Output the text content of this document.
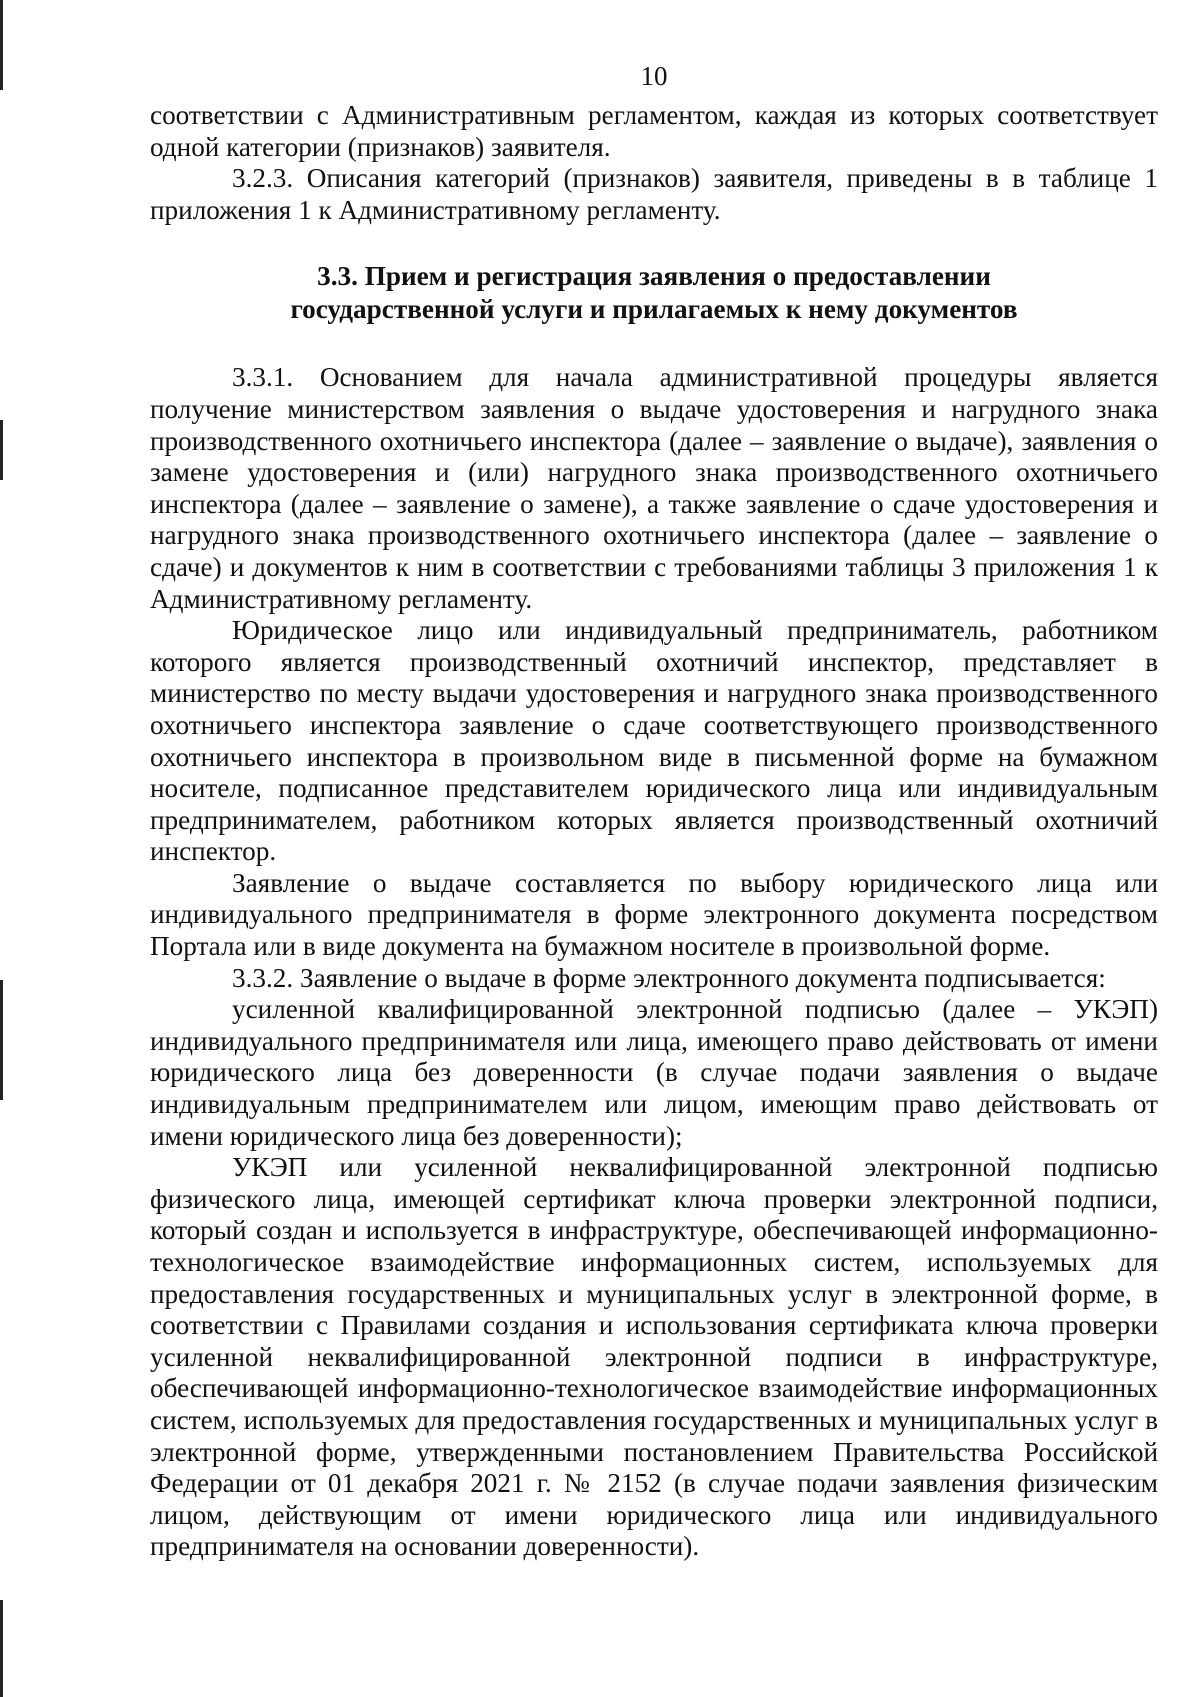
10

соответствии с Административным регламентом, каждая из которых соответствует одной категории (признаков) заявителя.

3.2.3. Описания категорий (признаков) заявителя, приведены в в таблице 1 приложения 1 к Административному регламенту.

3.3. Прием и регистрация заявления о предоставлении
государственной услуги и прилагаемых к нему документов

3.3.1. Основанием для начала административной процедуры является получение министерством заявления о выдаче удостоверения и нагрудного знака производственного охотничьего инспектора (далее – заявление о выдаче), заявления о замене удостоверения и (или) нагрудного знака производственного охотничьего инспектора (далее – заявление о замене), а также заявление о сдаче удостоверения и нагрудного знака производственного охотничьего инспектора (далее – заявление о сдаче) и документов к ним в соответствии с требованиями таблицы 3 приложения 1 к Административному регламенту.

Юридическое лицо или индивидуальный предприниматель, работником которого является производственный охотничий инспектор, представляет в министерство по месту выдачи удостоверения и нагрудного знака производственного охотничьего инспектора заявление о сдаче соответствующего производственного охотничьего инспектора в произвольном виде в письменной форме на бумажном носителе, подписанное представителем юридического лица или индивидуальным предпринимателем, работником которых является производственный охотничий инспектор.

Заявление о выдаче составляется по выбору юридического лица или индивидуального предпринимателя в форме электронного документа посредством Портала или в виде документа на бумажном носителе в произвольной форме.

3.3.2. Заявление о выдаче в форме электронного документа подписывается:

усиленной квалифицированной электронной подписью (далее – УКЭП) индивидуального предпринимателя или лица, имеющего право действовать от имени юридического лица без доверенности (в случае подачи заявления о выдаче индивидуальным предпринимателем или лицом, имеющим право действовать от имени юридического лица без доверенности);

УКЭП или усиленной неквалифицированной электронной подписью физического лица, имеющей сертификат ключа проверки электронной подписи, который создан и используется в инфраструктуре, обеспечивающей информационно-технологическое взаимодействие информационных систем, используемых для предоставления государственных и муниципальных услуг в электронной форме, в соответствии с Правилами создания и использования сертификата ключа проверки усиленной неквалифицированной электронной подписи в инфраструктуре, обеспечивающей информационно-технологическое взаимодействие информационных систем, используемых для предоставления государственных и муниципальных услуг в электронной форме, утвержденными постановлением Правительства Российской Федерации от 01 декабря 2021 г. № 2152 (в случае подачи заявления физическим лицом, действующим от имени юридического лица или индивидуального предпринимателя на основании доверенности).
